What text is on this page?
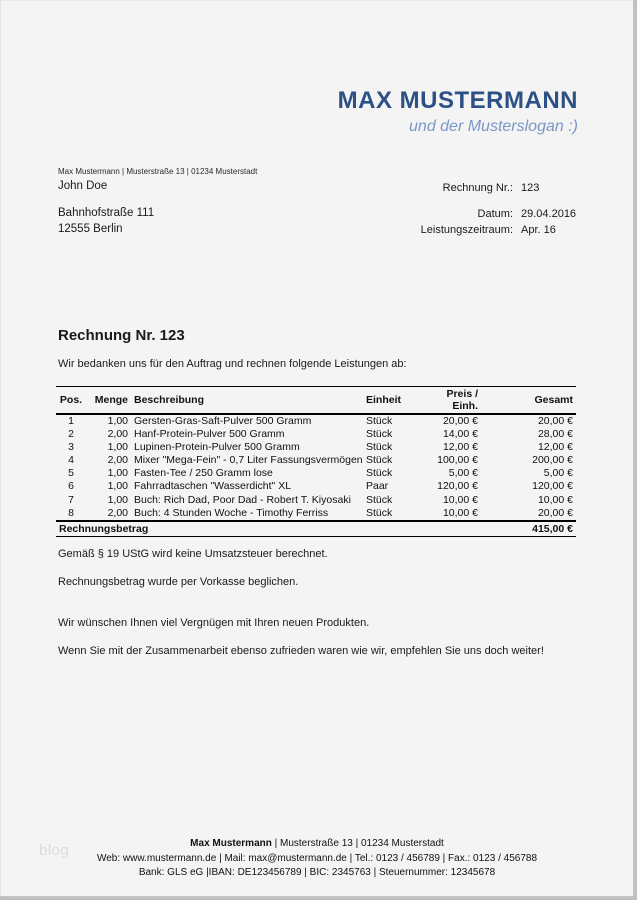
MAX MUSTERMANN
und der Musterslogan :)
Max Mustermann | Musterstraße 13 | 01234 Musterstadt
John Doe
Bahnhofstraße 111
12555 Berlin
Rechnung Nr.: 123
Datum: 29.04.2016
Leistungszeitraum: Apr. 16
Rechnung Nr. 123
Wir bedanken uns für den Auftrag und rechnen folgende Leistungen ab:
Pos.	Menge	Beschreibung	Einheit	Preis / Einh.	Gesamt
1	1,00	Gersten-Gras-Saft-Pulver 500 Gramm	Stück	20,00 €	20,00 €
2	2,00	Hanf-Protein-Pulver 500 Gramm	Stück	14,00 €	28,00 €
3	1,00	Lupinen-Protein-Pulver 500 Gramm	Stück	12,00 €	12,00 €
4	2,00	Mixer "Mega-Fein" - 0,7 Liter Fassungsvermögen	Stück	100,00 €	200,00 €
5	1,00	Fasten-Tee / 250 Gramm lose	Stück	5,00 €	5,00 €
6	1,00	Fahrradtaschen "Wasserdicht" XL	Paar	120,00 €	120,00 €
7	1,00	Buch: Rich Dad, Poor Dad - Robert T. Kiyosaki	Stück	10,00 €	10,00 €
8	2,00	Buch: 4 Stunden Woche - Timothy Ferriss	Stück	10,00 €	20,00 €
Rechnungsbetrag					415,00 €
Gemäß § 19 UStG wird keine Umsatzsteuer berechnet.
Rechnungsbetrag wurde per Vorkasse beglichen.
Wir wünschen Ihnen viel Vergnügen mit Ihren neuen Produkten.
Wenn Sie mit der Zusammenarbeit ebenso zufrieden waren wie wir, empfehlen Sie uns doch weiter!
blog	Max Mustermann | Musterstraße 13 | 01234 Musterstadt
Web: www.mustermann.de | Mail: max@mustermann.de | Tel.: 0123 / 456789 | Fax.: 0123 / 456788
Bank: GLS eG |IBAN: DE123456789 | BIC: 2345763 | Steuernummer: 12345678
